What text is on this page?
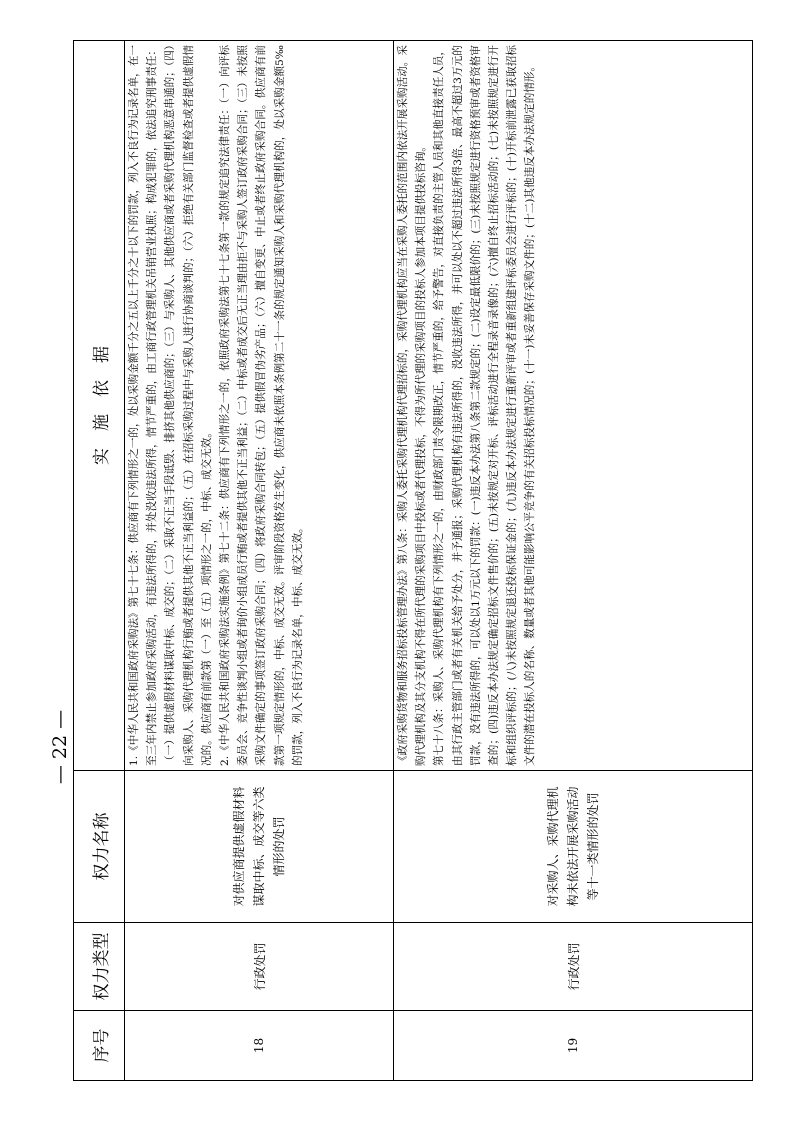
序号	权力类型	权力名称	实　施　依　据
18	行政处罚	对供应商提供虚假材料谋取中标、成交等六类情形的处罚	1.《中华人民共和国政府采购法》第七十七条：供应商有下列情形之一的，处以采购金额千分之五以上千分之十以下的罚款，列入不良行为记录名单，在一至三年内禁止参加政府采购活动，有违法所得的，并处没收违法所得，情节严重的，由工商行政管理机关吊销营业执照；构成犯罪的，依法追究刑事责任：（一）提供虚假材料谋取中标、成交的；（二）采取不正当手段诋毁、排挤其他供应商的；（三）与采购人、其他供应商或者采购代理机构恶意串通的；（四）向采购人、采购代理机构行贿或者提供其他不正当利益的；（五）在招标采购过程中与采购人进行协商谈判的；（六）拒绝有关部门监督检查或者提供虚假情况的。供应商有前款第（一）至（五）项情形之一的，中标、成交无效。 2.《中华人民共和国政府采购法实施条例》第七十二条：供应商有下列情形之一的，依照政府采购法第七十七条第一款的规定追究法律责任：（一）向评标委员会、竞争性谈判小组或者询价小组成员行贿或者提供其他不正当利益；（二）中标或者成交后无正当理由拒不与采购人签订政府采购合同；（三）未按照采购文件确定的事项签订政府采购合同；（四）将政府采购合同转包；（五）提供假冒伪劣产品；（六）擅自变更、中止或者终止政府采购合同。供应商有前款第一项规定情形的，中标、成交无效。评审阶段资格发生变化，供应商未依照本条例第二十一条的规定通知采购人和采购代理机构的，处以采购金额5‰的罚款，列入不良行为记录名单，中标、成交无效。

19	行政处罚	对采购人、采购代理机构未依法开展采购活动等十一类情形的处罚	《政府采购货物和服务招标投标管理办法》第八条：采购人委托采购代理机构代理招标的，采购代理机构应当在采购人委托的范围内依法开展采购活动。采购代理机构及其分支机构不得在所代理的采购项目中投标或者代理投标，不得为所代理的采购项目的投标人参加本项目提供投标咨询。 第七十八条：采购人、采购代理机构有下列情形之一的，由财政部门责令限期改正，情节严重的，给予警告，对直接负责的主管人员和其他直接责任人员，由其行政主管部门或者有关机关给予处分，并予通报；采购代理机构有违法所得的，没收违法所得，并可以处以不超过违法所得3倍、最高不超过3万元的罚款，没有违法所得的，可以处以1万元以下的罚款：(一)违反本办法第八条第二款规定的；(二)设定最低限价的；(三)未按照规定进行资格预审或者资格审查的；(四)违反本办法规定确定招标文件售价的；(五)未按规定对开标、评标活动进行全程录音录像的；(六)擅自终止招标活动的；(七)未按照规定进行开标和组织评标的；(八)未按照规定退还投标保证金的；(九)违反本办法规定进行重新评审或者重新组建评标委员会进行评标的；(十)开标前泄露已获取招标文件的潜在投标人的名称、数量或者其他可能影响公平竞争的有关招标投标情况的；(十一)未妥善保存采购文件的；(十二)其他违反本办法规定的情形。

— 22 —
